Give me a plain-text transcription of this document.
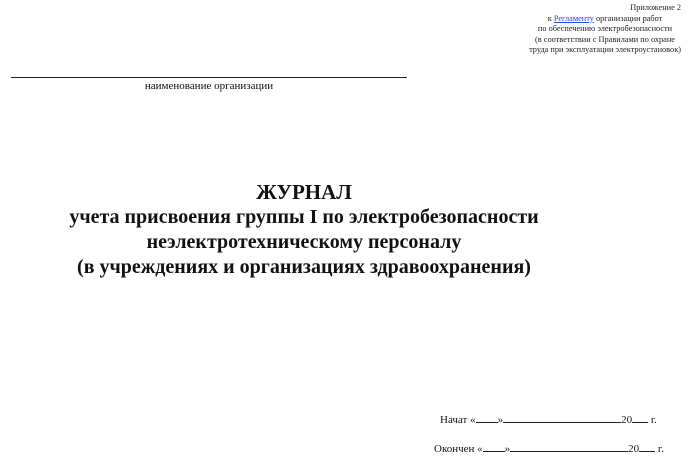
Приложение 2
к Регламенту организации работ
по обеспечению электробезопасности
(в соответствии с Правилами по охране
труда при эксплуатации электроустановок)
наименование организации
ЖУРНАЛ
учета присвоения группы I по электробезопасности
неэлектротехническому персоналу
(в учреждениях и организациях здравоохранения)
Начат « »	20 г.
Окончен « »	20 г.
